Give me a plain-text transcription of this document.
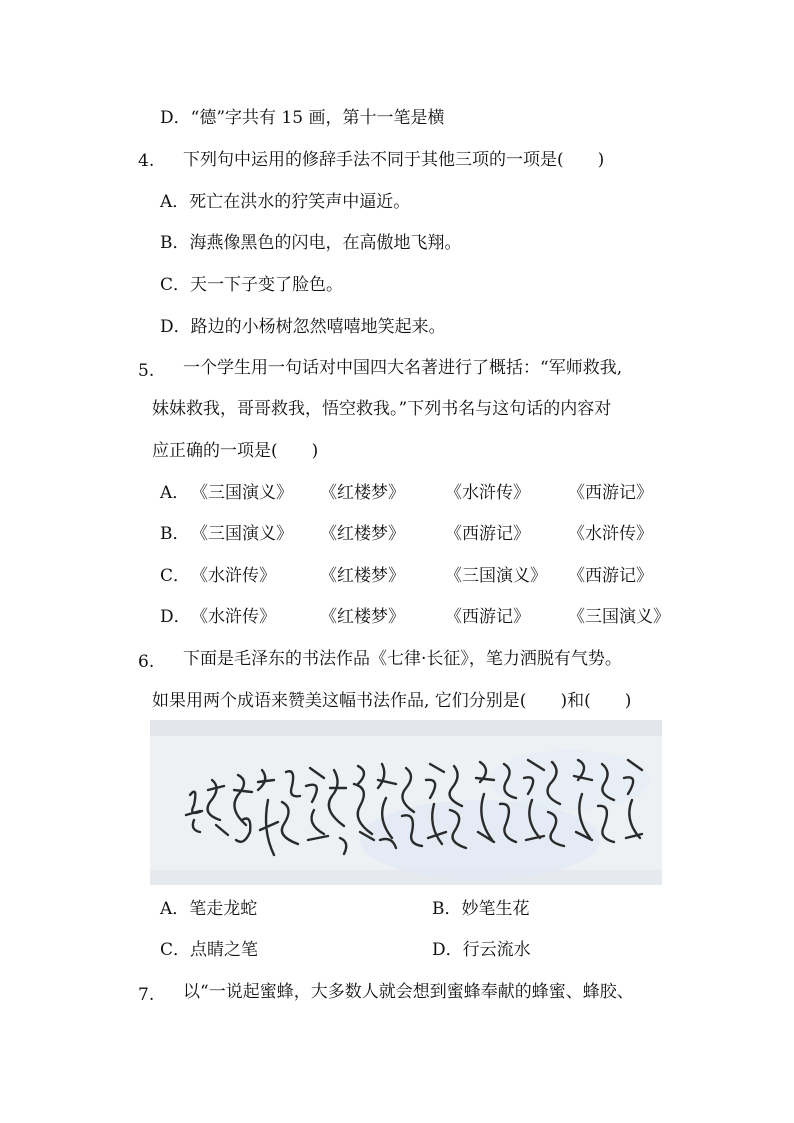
D．“德”字共有 15 画，第十一笔是横
4. 下列句中运用的修辞手法不同于其他三项的一项是(　　)
A．死亡在洪水的狞笑声中逼近。
B．海燕像黑色的闪电，在高傲地飞翔。
C．天一下子变了脸色。
D．路边的小杨树忽然嘻嘻地笑起来。
5. 一个学生用一句话对中国四大名著进行了概括：“军师救我,
妹妹救我，哥哥救我，悟空救我。”下列书名与这句话的内容对
应正确的一项是(　　)
A． 《三国演义》 《红楼梦》 《水浒传》 《西游记》
B． 《三国演义》 《红楼梦》 《西游记》 《水浒传》
C． 《水浒传》	《红楼梦》 《三国演义》 《西游记》
D． 《水浒传》	《红楼梦》 《西游记》 《三国演义》
6. 下面是毛泽东的书法作品《七律·长征》，笔力洒脱有气势。
如果用两个成语来赞美这幅书法作品, 它们分别是(　　)和(　　)
A．笔走龙蛇	B．妙笔生花
C．点睛之笔	D．行云流水
7. 以“一说起蜜蜂，大多数人就会想到蜜蜂奉献的蜂蜜、蜂胶、
